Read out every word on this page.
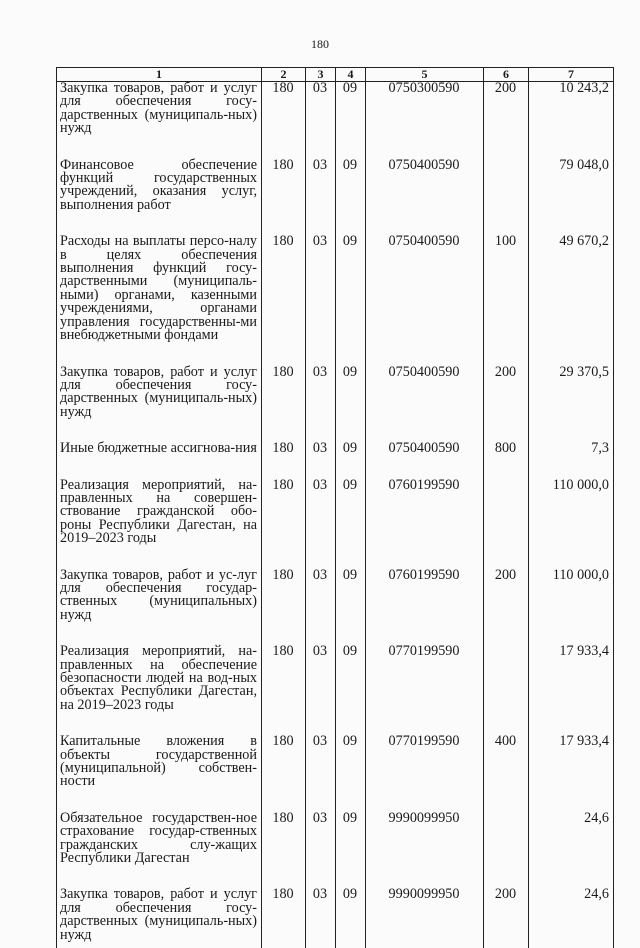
180
1	2	3	4	5	6	7
Закупка товаров, работ и услуг для обеспечения госу-дарственных (муниципаль-ных) нужд	180	03	09	0750300590	200	10 243,2
Финансовое обеспечение функций государственных учреждений, оказания услуг, выполнения работ	180	03	09	0750400590		79 048,0
Расходы на выплаты персо-налу в целях обеспечения выполнения функций госу-дарственными (муниципаль-ными) органами, казенными учреждениями, органами управления государственны-ми внебюджетными фондами	180	03	09	0750400590	100	49 670,2
Закупка товаров, работ и услуг для обеспечения госу-дарственных (муниципаль-ных) нужд	180	03	09	0750400590	200	29 370,5
Иные бюджетные ассигнова-ния	180	03	09	0750400590	800	7,3
Реализация мероприятий, на-правленных на совершен-ствование гражданской обо-роны Республики Дагестан, на 2019–2023 годы	180	03	09	0760199590		110 000,0
Закупка товаров, работ и ус-луг для обеспечения государ-ственных (муниципальных) нужд	180	03	09	0760199590	200	110 000,0
Реализация мероприятий, на-правленных на обеспечение безопасности людей на вод-ных объектах Республики Дагестан, на 2019–2023 годы	180	03	09	0770199590		17 933,4
Капитальные вложения в объекты государственной (муниципальной) собствен-ности	180	03	09	0770199590	400	17 933,4
Обязательное государствен-ное страхование государ-ственных гражданских слу-жащих Республики Дагестан	180	03	09	9990099950		24,6
Закупка товаров, работ и услуг для обеспечения госу-дарственных (муниципаль-ных) нужд	180	03	09	9990099950	200	24,6
